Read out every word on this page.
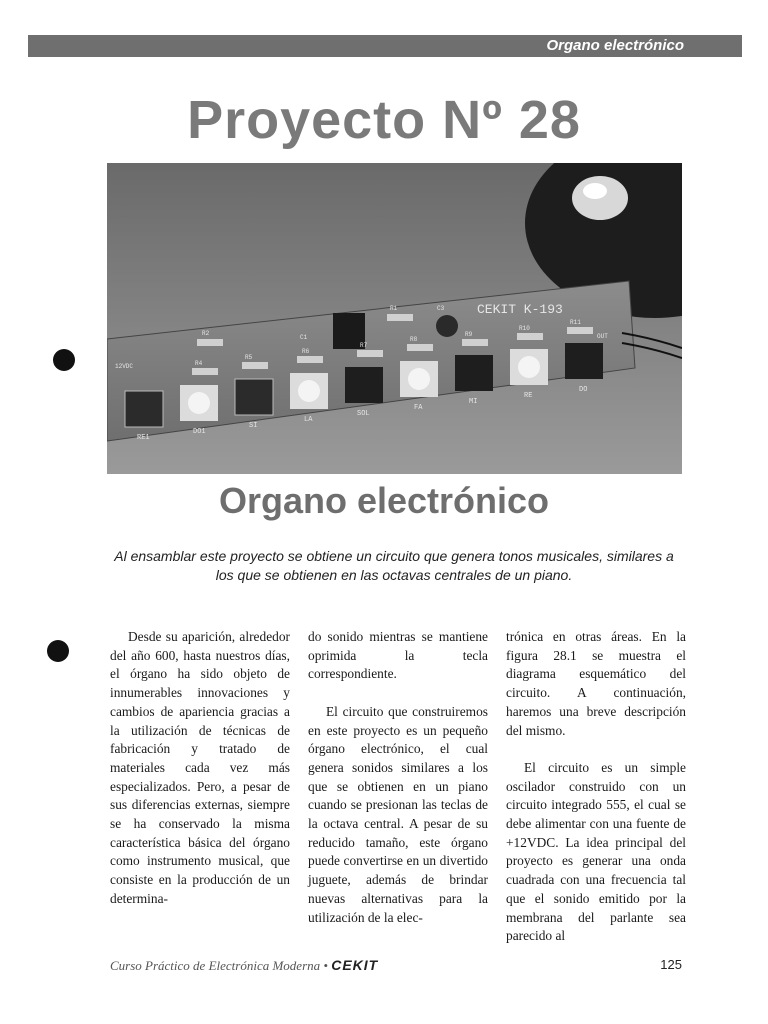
Organo electrónico
Proyecto Nº 28
CEKIT K-193
RE1
DO1
SI
LA
SOL
FA
MI
RE
DO
R1
R2
R4
R5
R6
R7
R8
R9
R10
R11
C1
C3
12VDC
OUT
Organo electrónico
Al ensamblar este proyecto se obtiene un circuito que genera tonos musicales, similares a los que se obtienen en las octavas centrales de un piano.

Desde su aparición, alrededor del año 600, hasta nuestros días, el órgano ha sido objeto de innumerables innovaciones y cambios de apariencia gracias a la utilización de técnicas de fabricación y tratado de materiales cada vez más especializados. Pero, a pesar de sus diferencias externas, siempre se ha conservado la misma característica básica del órgano como instrumento musical, que consiste en la producción de un determina-

do sonido mientras se mantiene oprimida la tecla correspondiente.

El circuito que construiremos en este proyecto es un pequeño órgano electrónico, el cual genera sonidos similares a los que se obtienen en un piano cuando se presionan las teclas de la octava central. A pesar de su reducido tamaño, este órgano puede convertirse en un divertido juguete, además de brindar nuevas alternativas para la utilización de la elec-

trónica en otras áreas. En la figura 28.1 se muestra el diagrama esquemático del circuito. A continuación, haremos una breve descripción del mismo.

El circuito es un simple oscilador construido con un circuito integrado 555, el cual se debe alimentar con una fuente de +12VDC. La idea principal del proyecto es generar una onda cuadrada con una frecuencia tal que el sonido emitido por la membrana del parlante sea parecido al

Curso Práctico de Electrónica Moderna • CEKIT	125
